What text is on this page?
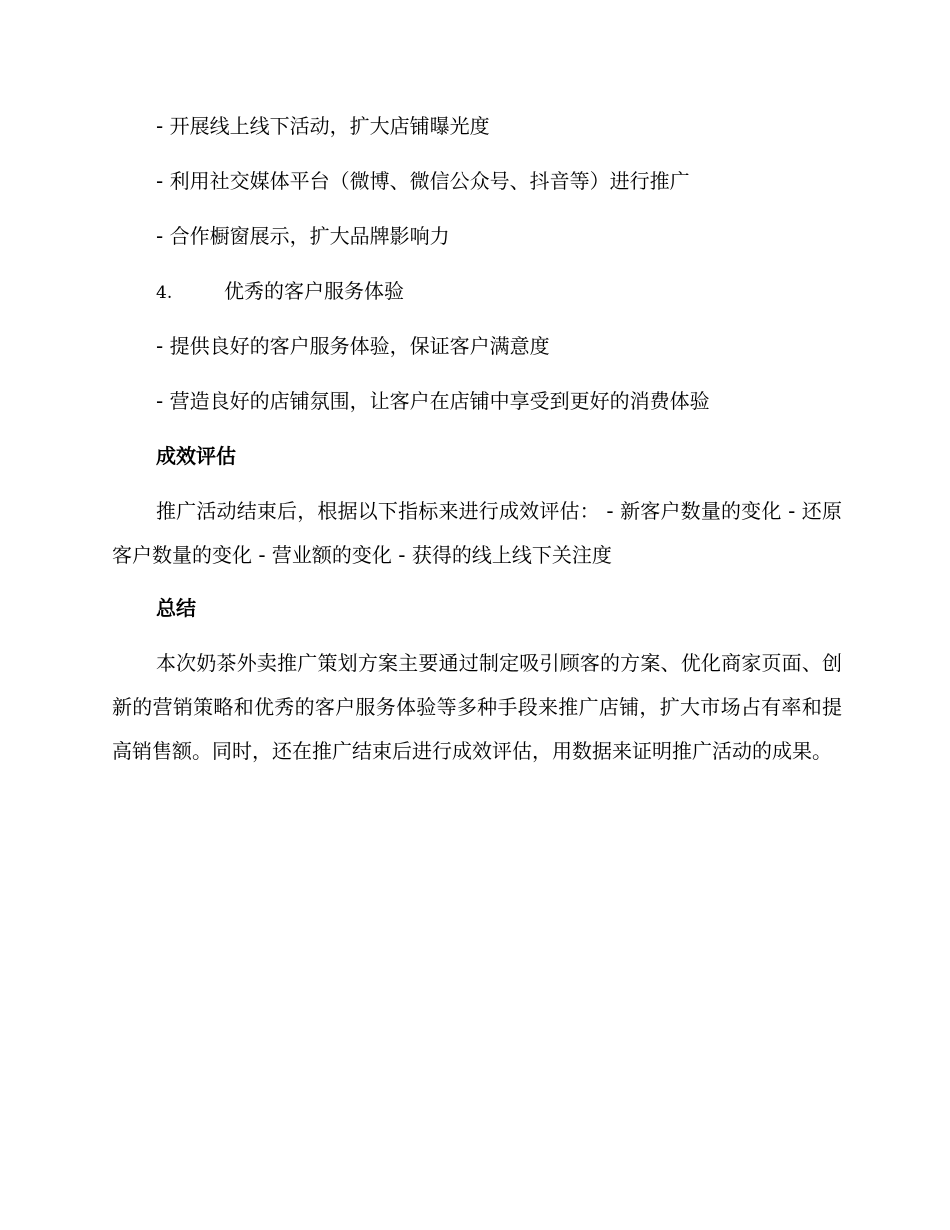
- 开展线上线下活动，扩大店铺曝光度
- 利用社交媒体平台（微博、微信公众号、抖音等）进行推广
- 合作橱窗展示，扩大品牌影响力
4.	优秀的客户服务体验
- 提供良好的客户服务体验，保证客户满意度
- 营造良好的店铺氛围，让客户在店铺中享受到更好的消费体验
成效评估
推广活动结束后，根据以下指标来进行成效评估： - 新客户数量的变化 - 还原客户数量的变化 - 营业额的变化 - 获得的线上线下关注度
总结
本次奶茶外卖推广策划方案主要通过制定吸引顾客的方案、优化商家页面、创新的营销策略和优秀的客户服务体验等多种手段来推广店铺，扩大市场占有率和提高销售额。同时，还在推广结束后进行成效评估，用数据来证明推广活动的成果。
